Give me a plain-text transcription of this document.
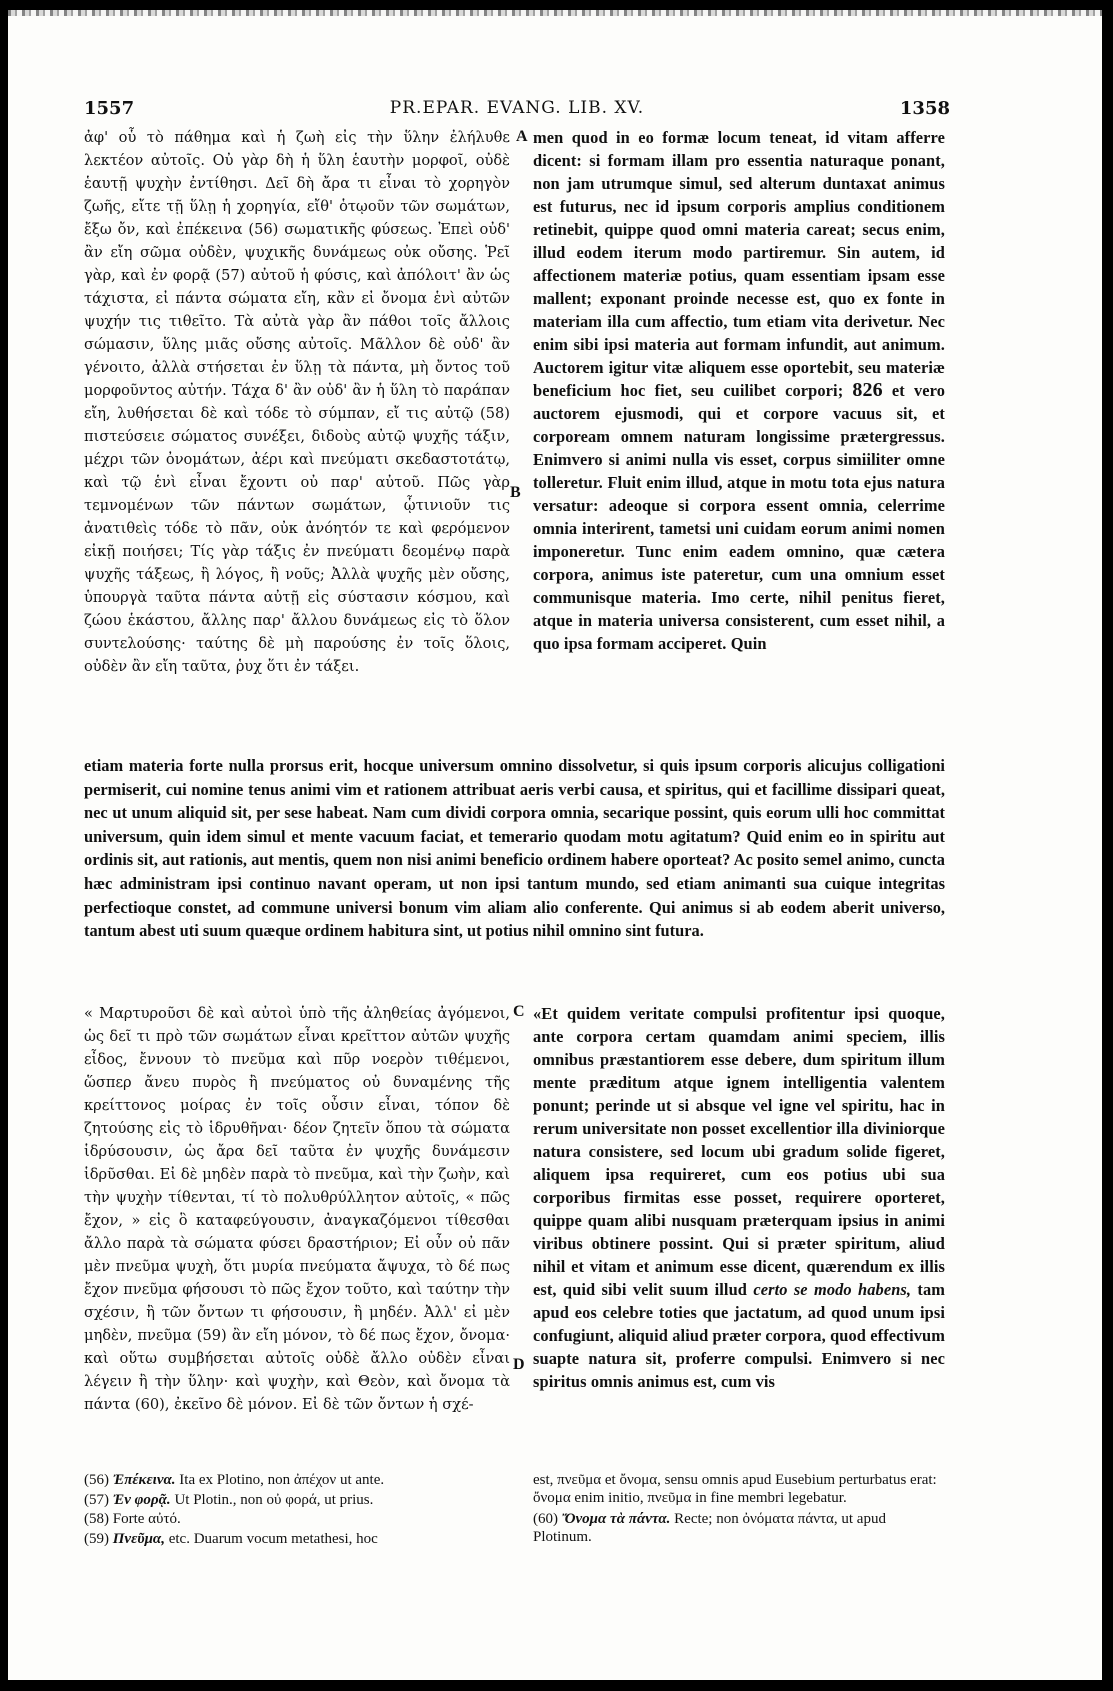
1557	PR.EPAR. EVANG. LIB. XV.	1358
ἀφ' οὗ τὸ πάθημα καὶ ἡ ζωὴ εἰς τὴν ὕλην ἐλήλυθε λεκτέον αὐτοῖς. Οὐ γὰρ δὴ ἡ ὕλη ἑαυτὴν μορφοῖ, οὐδὲ ἑαυτῇ ψυχὴν ἐντίθησι. Δεῖ δὴ ἄρα τι εἶναι τὸ χορηγὸν ζωῆς, εἴτε τῇ ὕλῃ ἡ χορηγία, εἴθ' ὁτῳοῦν τῶν σωμάτων, ἔξω ὄν, καὶ ἐπέκεινα (56) σωματικῆς φύσεως. Ἐπεὶ οὐδ' ἂν εἴη σῶμα οὐδὲν, ψυχικῆς δυνάμεως οὐκ οὔσης. Ῥεῖ γὰρ, καὶ ἐν φορᾷ (57) αὐτοῦ ἡ φύσις, καὶ ἀπόλοιτ' ἂν ὡς τάχιστα, εἰ πάντα σώματα εἴη, κἂν εἰ ὄνομα ἑνὶ αὐτῶν ψυχήν τις τιθεῖτο. Τὰ αὐτὰ γὰρ ἂν πάθοι τοῖς ἄλλοις σώμασιν, ὕλης μιᾶς οὔσης αὐτοῖς. Μᾶλλον δὲ οὐδ' ἂν γένοιτο, ἀλλὰ στήσεται ἐν ὕλῃ τὰ πάντα, μὴ ὄντος τοῦ μορφοῦντος αὐτήν. Τάχα δ' ἂν οὐδ' ἂν ἡ ὕλη τὸ παράπαν εἴη, λυθήσεται δὲ καὶ τόδε τὸ σύμπαν, εἴ τις αὐτῷ (58) πιστεύσειε σώματος συνέξει, διδοὺς αὐτῷ ψυχῆς τάξιν, μέχρι τῶν ὀνομάτων, ἀέρι καὶ πνεύματι σκεδαστοτάτῳ, καὶ τῷ ἑνὶ εἶναι ἔχοντι οὐ παρ' αὐτοῦ. Πῶς γὰρ τεμνομένων τῶν πάντων σωμάτων, ᾧτινιοῦν τις ἀνατιθεὶς τόδε τὸ πᾶν, οὐκ ἀνόητόν τε καὶ φερόμενον εἰκῇ ποιήσει; Τίς γὰρ τάξις ἐν πνεύματι δεομένῳ παρὰ ψυχῆς τάξεως, ἢ λόγος, ἢ νοῦς; Ἀλλὰ ψυχῆς μὲν οὔσης, ὑπουργὰ ταῦτα πάντα αὐτῇ εἰς σύστασιν κόσμου, καὶ ζώου ἑκάστου, ἄλλης παρ' ἄλλου δυνάμεως εἰς τὸ ὅλον συντελούσης· ταύτης δὲ μὴ παρούσης ἐν τοῖς ὅλοις, οὐδὲν ἂν εἴη ταῦτα, ῥυχ ὅτι ἐν τάξει.
A
B
men quod in eo formæ locum teneat, id vitam afferre dicent: si formam illam pro essentia naturaque ponant, non jam utrumque simul, sed alterum duntaxat animus est futurus, nec id ipsum corporis amplius conditionem retinebit, quippe quod omni materia careat; secus enim, illud eodem iterum modo partiremur. Sin autem, id affectionem materiæ potius, quam essentiam ipsam esse mallent; exponant proinde necesse est, quo ex fonte in materiam illa cum affectio, tum etiam vita derivetur. Nec enim sibi ipsi materia aut formam infundit, aut animum. Auctorem igitur vitæ aliquem esse oportebit, seu materiæ beneficium hoc fiet, seu cuilibet corpori; 826 et vero auctorem ejusmodi, qui et corpore vacuus sit, et corpoream omnem naturam longissime prætergressus. Enimvero si animi nulla vis esset, corpus simiiliter omne tolleretur. Fluit enim illud, atque in motu tota ejus natura versatur: adeoque si corpora essent omnia, celerrime omnia interirent, tametsi uni cuidam eorum animi nomen imponeretur. Tunc enim eadem omnino, quæ cætera corpora, animus iste pateretur, cum una omnium esset communisque materia. Imo certe, nihil penitus fieret, atque in materia universa consisterent, cum esset nihil, a quo ipsa formam acciperet. Quin
etiam materia forte nulla prorsus erit, hocque universum omnino dissolvetur, si quis ipsum corporis alicujus colligationi permiserit, cui nomine tenus animi vim et rationem attribuat aeris verbi causa, et spiritus, qui et facillime dissipari queat, nec ut unum aliquid sit, per sese habeat. Nam cum dividi corpora omnia, secarique possint, quis eorum ulli hoc committat universum, quin idem simul et mente vacuum faciat, et temerario quodam motu agitatum? Quid enim eo in spiritu aut ordinis sit, aut rationis, aut mentis, quem non nisi animi beneficio ordinem habere oporteat? Ac posito semel animo, cuncta hæc administram ipsi continuo navant operam, ut non ipsi tantum mundo, sed etiam animanti sua cuique integritas perfectioque constet, ad commune universi bonum vim aliam alio conferente. Qui animus si ab eodem aberit universo, tantum abest uti suum quæque ordinem habitura sint, ut potius nihil omnino sint futura.
« Μαρτυροῦσι δὲ καὶ αὐτοὶ ὑπὸ τῆς ἀληθείας ἀγόμενοι, ὡς δεῖ τι πρὸ τῶν σωμάτων εἶναι κρεῖττον αὐτῶν ψυχῆς εἶδος, ἔννουν τὸ πνεῦμα καὶ πῦρ νοερὸν τιθέμενοι, ὥσπερ ἄνευ πυρὸς ἢ πνεύματος οὐ δυναμένης τῆς κρείττονος μοίρας ἐν τοῖς οὖσιν εἶναι, τόπον δὲ ζητούσης εἰς τὸ ἱδρυθῆναι· δέον ζητεῖν ὅπου τὰ σώματα ἱδρύσουσιν, ὡς ἄρα δεῖ ταῦτα ἐν ψυχῆς δυνάμεσιν ἱδρῦσθαι. Εἰ δὲ μηδὲν παρὰ τὸ πνεῦμα, καὶ τὴν ζωὴν, καὶ τὴν ψυχὴν τίθενται, τί τὸ πολυθρύλλητον αὐτοῖς, « πῶς ἔχον, » εἰς ὃ καταφεύγουσιν, ἀναγκαζόμενοι τίθεσθαι ἄλλο παρὰ τὰ σώματα φύσει δραστήριον; Εἰ οὖν οὐ πᾶν μὲν πνεῦμα ψυχὴ, ὅτι μυρία πνεύματα ἄψυχα, τὸ δέ πως ἔχον πνεῦμα φήσουσι τὸ πῶς ἔχον τοῦτο, καὶ ταύτην τὴν σχέσιν, ἢ τῶν ὄντων τι φήσουσιν, ἢ μηδέν. Ἀλλ' εἰ μὲν μηδὲν, πνεῦμα (59) ἂν εἴη μόνον, τὸ δέ πως ἔχον, ὄνομα· καὶ οὕτω συμβήσεται αὐτοῖς οὐδὲ ἄλλο οὐδὲν εἶναι λέγειν ἢ τὴν ὕλην· καὶ ψυχὴν, καὶ Θεὸν, καὶ ὄνομα τὰ πάντα (60), ἐκεῖνο δὲ μόνον. Εἰ δὲ τῶν ὄντων ἡ σχέ-
C
D
«Et quidem veritate compulsi profitentur ipsi quoque, ante corpora certam quamdam animi speciem, illis omnibus præstantiorem esse debere, dum spiritum illum mente præditum atque ignem intelligentia valentem ponunt; perinde ut si absque vel igne vel spiritu, hac in rerum universitate non posset excellentior illa diviniorque natura consistere, sed locum ubi gradum solide figeret, aliquem ipsa requireret, cum eos potius ubi sua corporibus firmitas esse posset, requirere oporteret, quippe quam alibi nusquam præterquam ipsius in animi viribus obtinere possint. Qui si præter spiritum, aliud nihil et vitam et animum esse dicent, quærendum ex illis est, quid sibi velit suum illud certo se modo habens, tam apud eos celebre toties que jactatum, ad quod unum ipsi confugiunt, aliquid aliud præter corpora, quod effectivum suapte natura sit, proferre compulsi. Enimvero si nec spiritus omnis animus est, cum vis

(56) Ἐπέκεινα. Ita ex Plotino, non ἀπέχον ut ante.

(57) Ἐν φορᾷ. Ut Plotin., non οὐ φορά, ut prius.

(58) Forte αὐτό.

(59) Πνεῦμα, etc. Duarum vocum metathesi, hoc

est, πνεῦμα et ὄνομα, sensu omnis apud Eusebium perturbatus erat: ὄνομα enim initio, πνεῦμα in fine membri legebatur.

(60) Ὄνομα τὰ πάντα. Recte; non ὀνόματα πάντα, ut apud Plotinum.
